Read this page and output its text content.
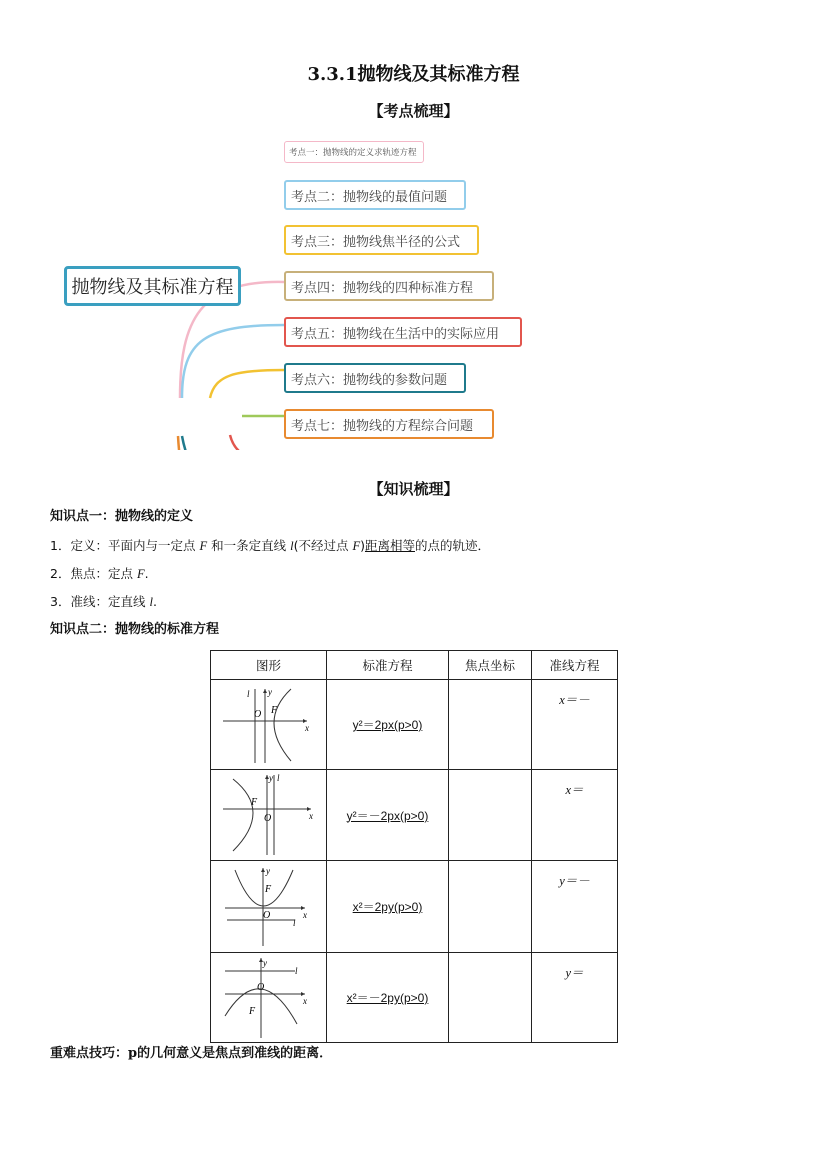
3.3.1抛物线及其标准方程
【考点梳理】
抛物线及其标准方程
考点一：抛物线的定义求轨迹方程
考点二：抛物线的最值问题
考点三：抛物线焦半径的公式
考点四：抛物线的四种标准方程
考点五：抛物线在生活中的实际应用
考点六：抛物线的参数问题
考点七：抛物线的方程综合问题
【知识梳理】
知识点一：抛物线的定义
1．定义：平面内与一定点 F 和一条定直线 l(不经过点 F)距离相等的点的轨迹．
2．焦点：定点 F.
3．准线：定直线 l.
知识点二：抛物线的标准方程
图形	标准方程	焦点坐标	准线方程

l y
x
O F	y²＝2px(p>0)		x＝－

y l
x
O
F	y²＝－2px(p>0)		x＝

y
x
l
O
F	x²＝2py(p>0)		y＝－

y
l
x
O
F	x²＝－2py(p>0)		y＝
重难点技巧：p的几何意义是焦点到准线的距离．
